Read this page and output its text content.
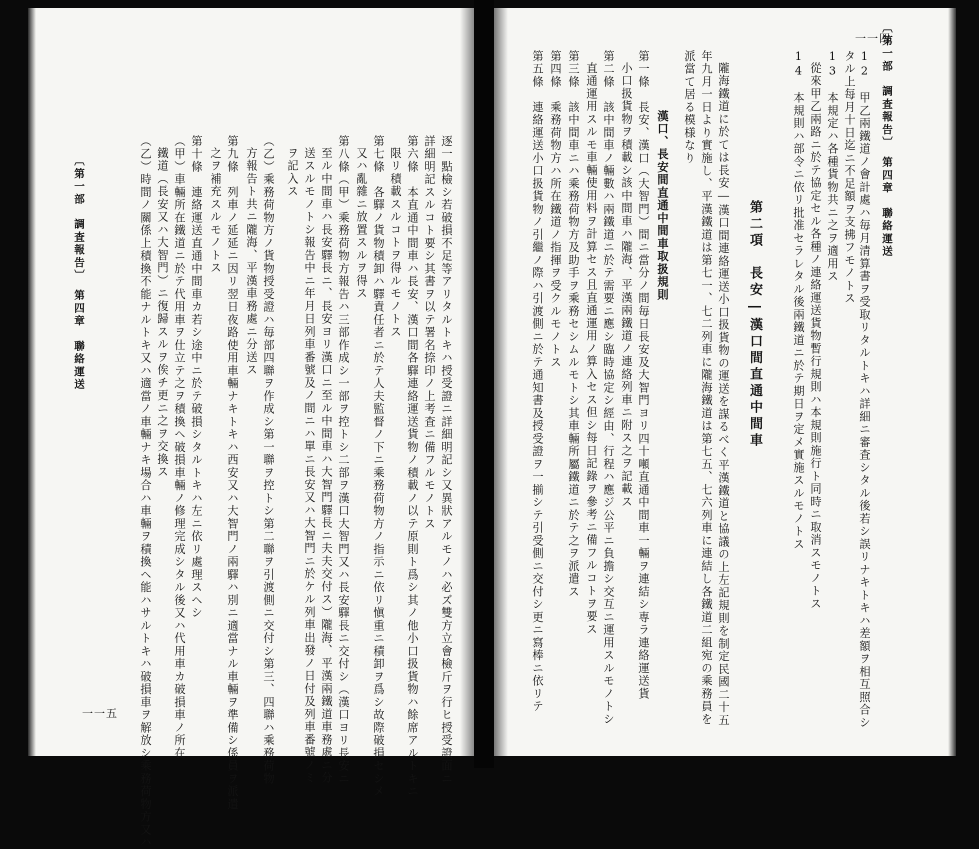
〔第一部　調査報告〕　第四章　聯絡運送
一一四
12　甲乙兩鐵道ノ會計處ハ毎月清算書ヲ受取リタルトキハ詳細ニ審査シタル後若シ誤リナキトキハ差額ヲ相互照合シ
タル上每月十日迄ニ不足額ヲ支拂フモノトス
13　本規定ハ各種貨物共ニ之ヲ適用ス
從來甲乙兩路ニ於テ協定セル各種ノ連絡運送貨物暫行規則ハ本規則施行ト同時ニ取消スモノトス
14　本規則ハ部令ニ依リ批准セラレタル後兩鐵道ニ於テ期日ヲ定メ實施スルモノトス
第二項　長安―漢口間直通中間車
隴海鐵道に於ては長安―漢口間連絡運送小口扱貨物の運送を謀るべく平漢鐵道と協議の上左記規則を制定民國二十五
年九月一日より實施し、平漢鐵道は第七一、七二列車に隴海鐵道は第七五、七六列車に連結し各鐵道二組宛の乘務員を
派當て居る模様なり
漢口、長安間直通中間車取扱規則
第一條　長安、漢口（大智門）間ニ當分ノ間毎日長安及大智門ヨリ四十噸直通中間車一輛ヲ連結シ専ラ連絡運送貨
小口扱貨物ヲ積載シ該中間車ハ隴海、平漢兩鐵道ノ連絡列車ニ附ス之ヲ記載ス
第二條　該中間車ノ輛數ハ兩鐵道ニ於テ需要ニ應シ臨時協定シ經由、行程ハ應ジ公平ニ負擔シ交互ニ運用スルモノトシ
直通運用スルモ車輛使用料ヲ計算セス且直通運用ノ算入セス但シ每日記錄ヲ參考ニ備フルコトヲ要ス
第三條　該中間車ニハ乘務荷物方及助手ヲ乘務セシムルモトシ其車輛所屬鐵道ニ於テ之ヲ派遣ス
第四條　乘務荷物方ハ所在鐵道ノ指揮ヲ受クルモノトス
第五條　連絡運送小口扱貨物ノ引繼ノ際ハ引渡側ニ於テ通知書及授受證ヲ一揃シテ引受側ニ交付シ更ニ寫棒ニ依リテ
逐一點檢シ若破損不足等アリタルトキハ授受證ニ詳細明記シ又異狀アルモノハ必ズ雙方立會檢斤ヲ行ヒ授受證面ニ
詳細明記スルコト要シ其書ヲ以テ署名捺印ノ上考査ニ備フルモノトス
第六條　本直通中間車ハ長安、漢口間各驛連絡運送貨物ノ積載ノ以テ原則ト爲シ其ノ他小口扱貨物ハ餘席アルトキニ
限リ積載スルコトヲ得ルモノトス
第七條　各驛ノ貨物積卸ハ驛責任者ニ於テ人夫監督ノ下ニ乘務荷物方ノ指示ニ依リ愼重ニ積卸ヲ爲シ故際破損セシメ
又ハ亂雜ニ放置スルヲ得ス
第八條（甲）乘務荷物方報告ハ三部作成シ一部ヲ控トシ二部ヲ漢口大智門又ハ長安驛長ニ交付シ（漢口ヨリ長安ニ
至ル中間車ハ長安驛長ニ、長安ヨリ漢口ニ至ル中間車ハ大智門驛長ニ夫夫交付ス）隴海、平漢兩鐵道車務處ニ分
送スルモノトシ報告中ニ年月日列車番號及ノ間ニハ單ニ長安又ハ大智門ニ於ケル列車出發ノ日付及列車番號ノミ
ヲ記入ス
（乙）乘務荷物方ノ貨物授受證ハ毎部四聯ヲ作成シ第一聯ヲ控トシ第二聯ヲ引渡側ニ交付シ第三、四聯ハ乘務荷物
方報告ト共ニ隴海、平漢車務處ニ分送ス
第九條　列車ノ延延ニ因リ翌日夜路使用車輛ナキトキハ西安又ハ大智門ノ兩驛ハ別ニ適當ナル車輛ヲ準備シ係員ヲ派遣
之ヲ補充スルモノトス
第十條　連絡運送直通中間車カ若シ途中ニ於テ破損シタルトキハ左ニ依リ處理スヘシ
（甲）車輛所在鐵道ニ於テ代用車ヲ仕立テ之ヲ積換ヘ破損車輛ノ修理完成シタル後又ハ代用車カ破損車ノ所在
鐵道（長安又ハ大智門）ニ復歸スルヲ俟チ更ニ之ヲ交換ス
（乙）時間ノ關係上積換不能ナルトキ又ハ適當ノ車輛ナキ場合ハ車輛ヲ積換ヘ能ハサルトキハ破損車ヲ解放シ乘務荷物方又ハ
〔第一部　調査報告〕　第四章　聯絡運送
一一五
